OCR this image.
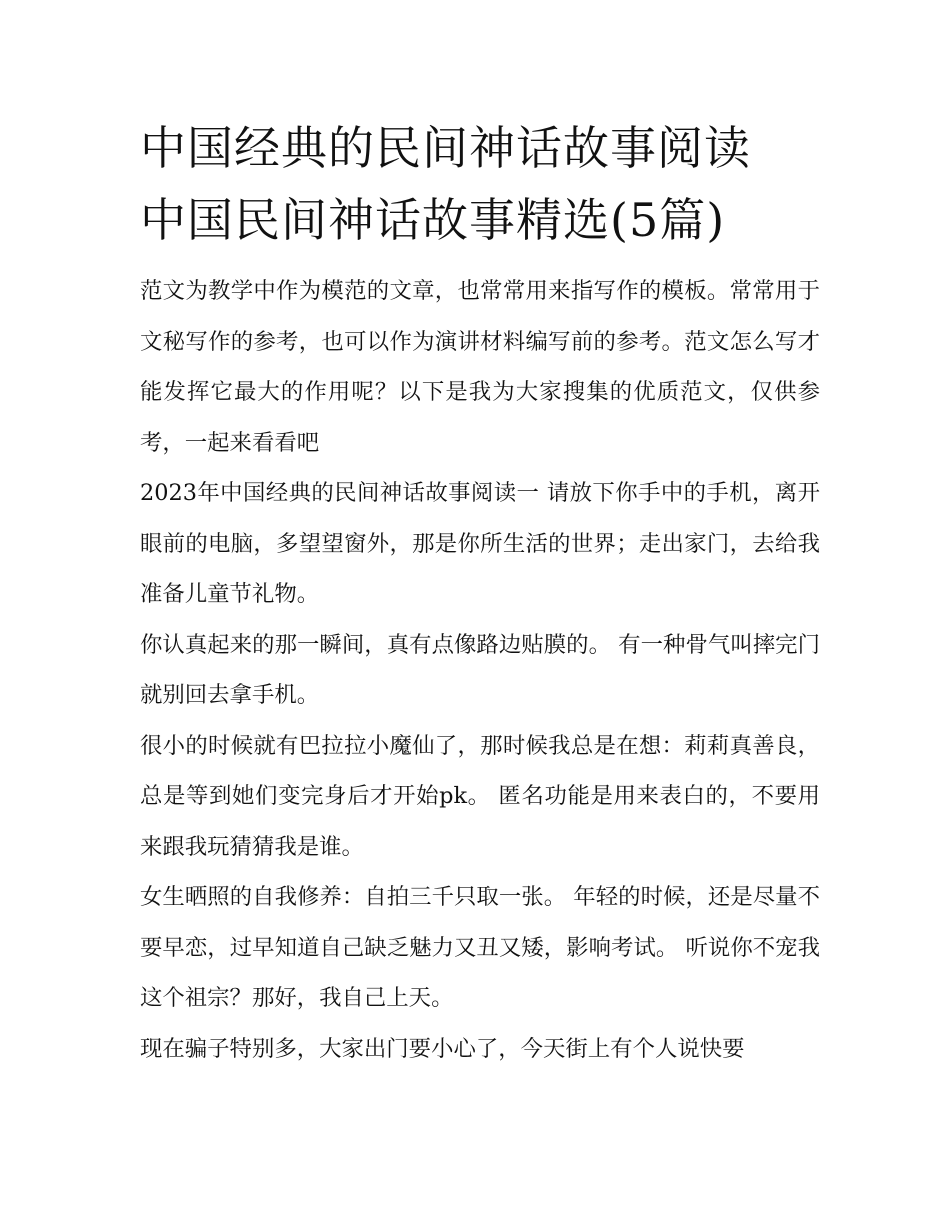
中国经典的民间神话故事阅读
中国民间神话故事精选(5篇)

范文为教学中作为模范的文章，也常常用来指写作的模板。常常用于文秘写作的参考，也可以作为演讲材料编写前的参考。范文怎么写才能发挥它最大的作用呢？以下是我为大家搜集的优质范文，仅供参考，一起来看看吧

2023年中国经典的民间神话故事阅读一 请放下你手中的手机，离开眼前的电脑，多望望窗外，那是你所生活的世界；走出家门，去给我准备儿童节礼物。

你认真起来的那一瞬间，真有点像路边贴膜的。 有一种骨气叫摔完门就别回去拿手机。

很小的时候就有巴拉拉小魔仙了，那时候我总是在想：莉莉真善良，总是等到她们变完身后才开始pk。 匿名功能是用来表白的，不要用来跟我玩猜猜我是谁。

女生晒照的自我修养：自拍三千只取一张。 年轻的时候，还是尽量不要早恋，过早知道自己缺乏魅力又丑又矮，影响考试。 听说你不宠我这个祖宗？那好，我自己上天。

现在骗子特别多，大家出门要小心了，今天街上有个人说快要
